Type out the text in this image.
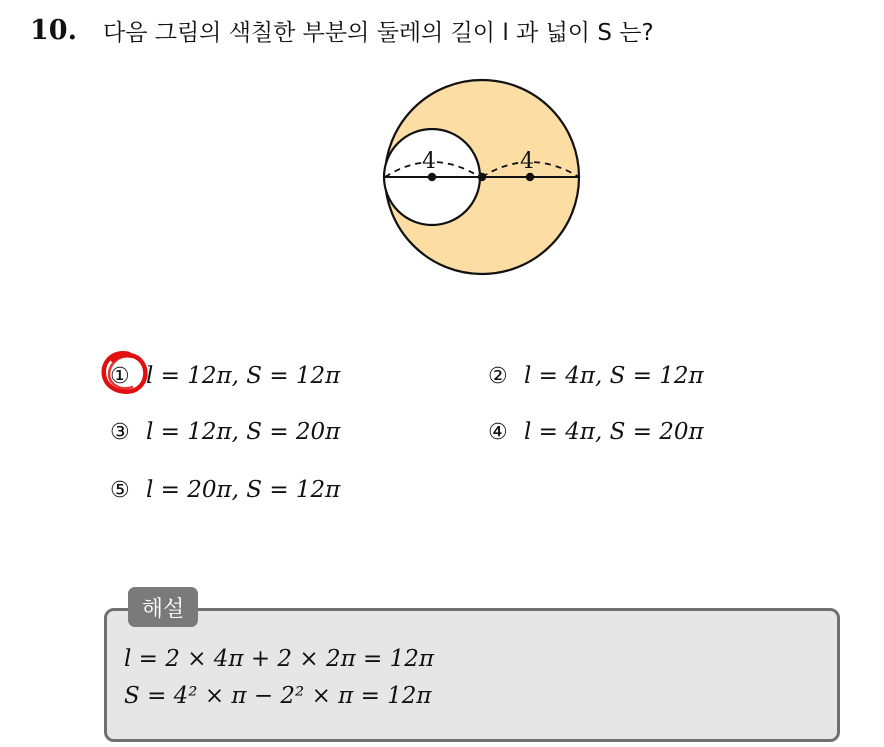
10. 다음 그림의 색칠한 부분의 둘레의 길이 l 과 넓이 S 는?
4	4
① l = 12π, S = 12π	② l = 4π, S = 12π
③ l = 12π, S = 20π	④ l = 4π, S = 20π
⑤ l = 20π, S = 12π
해설
l = 2 × 4π + 2 × 2π = 12π
S = 4² × π − 2² × π = 12π
